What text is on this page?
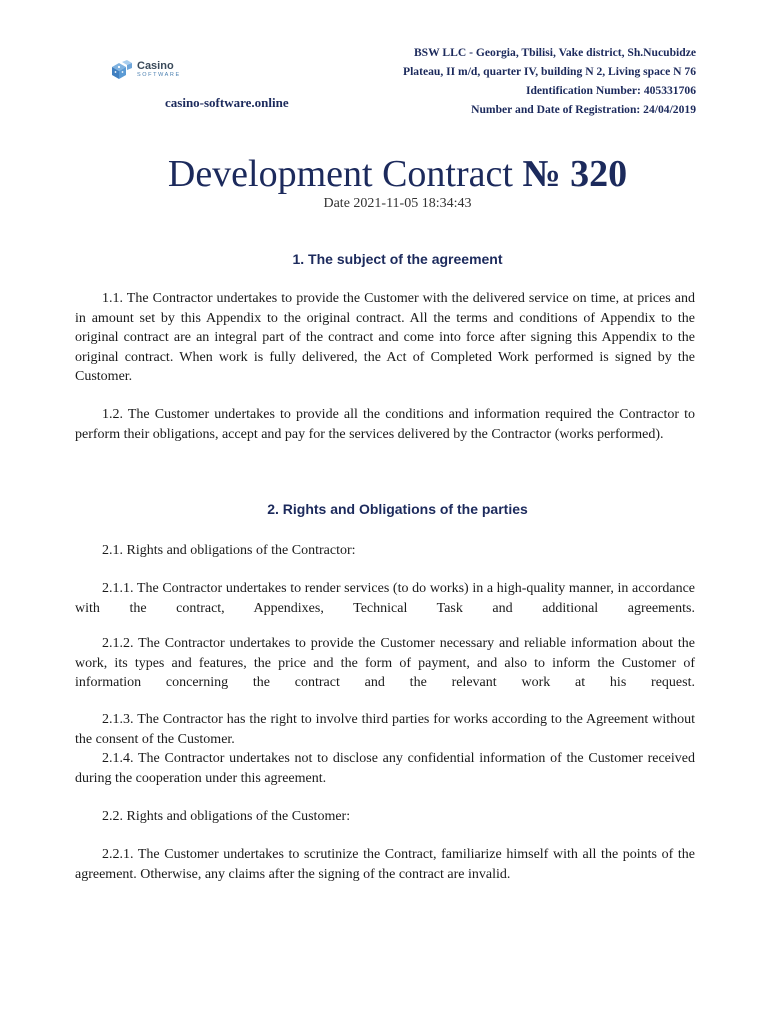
Casino
SOFTWARE
casino-software.online
BSW LLC - Georgia, Tbilisi, Vake district, Sh.Nucubidze
Plateau, II m/d, quarter IV, building N 2, Living space N 76
Identification Number: 405331706
Number and Date of Registration: 24/04/2019
Development Contract № 320
Date 2021-11-05 18:34:43
1. The subject of the agreement

1.1. The Contractor undertakes to provide the Customer with the delivered service on time, at prices and in amount set by this Appendix to the original contract. All the terms and conditions of Appendix to the original contract are an integral part of the contract and come into force after signing this Appendix to the original contract. When work is fully delivered, the Act of Completed Work performed is signed by the Customer.

1.2. The Customer undertakes to provide all the conditions and information required the Contractor to perform their obligations, accept and pay for the services delivered by the Contractor (works performed).

2. Rights and Obligations of the parties

2.1. Rights and obligations of the Contractor:

2.1.1. The Contractor undertakes to render services (to do works) in a high-quality manner, in accordance with the contract, Appendixes, Technical Task and additional agreements.

2.1.2. The Contractor undertakes to provide the Customer necessary and reliable information about the work, its types and features, the price and the form of payment, and also to inform the Customer of information concerning the contract and the relevant work at his request.

2.1.3. The Contractor has the right to involve third parties for works according to the Agreement without the consent of the Customer.

2.1.4. The Contractor undertakes not to disclose any confidential information of the Customer received during the cooperation under this agreement.

2.2. Rights and obligations of the Customer:

2.2.1. The Customer undertakes to scrutinize the Contract, familiarize himself with all the points of the agreement. Otherwise, any claims after the signing of the contract are invalid.
